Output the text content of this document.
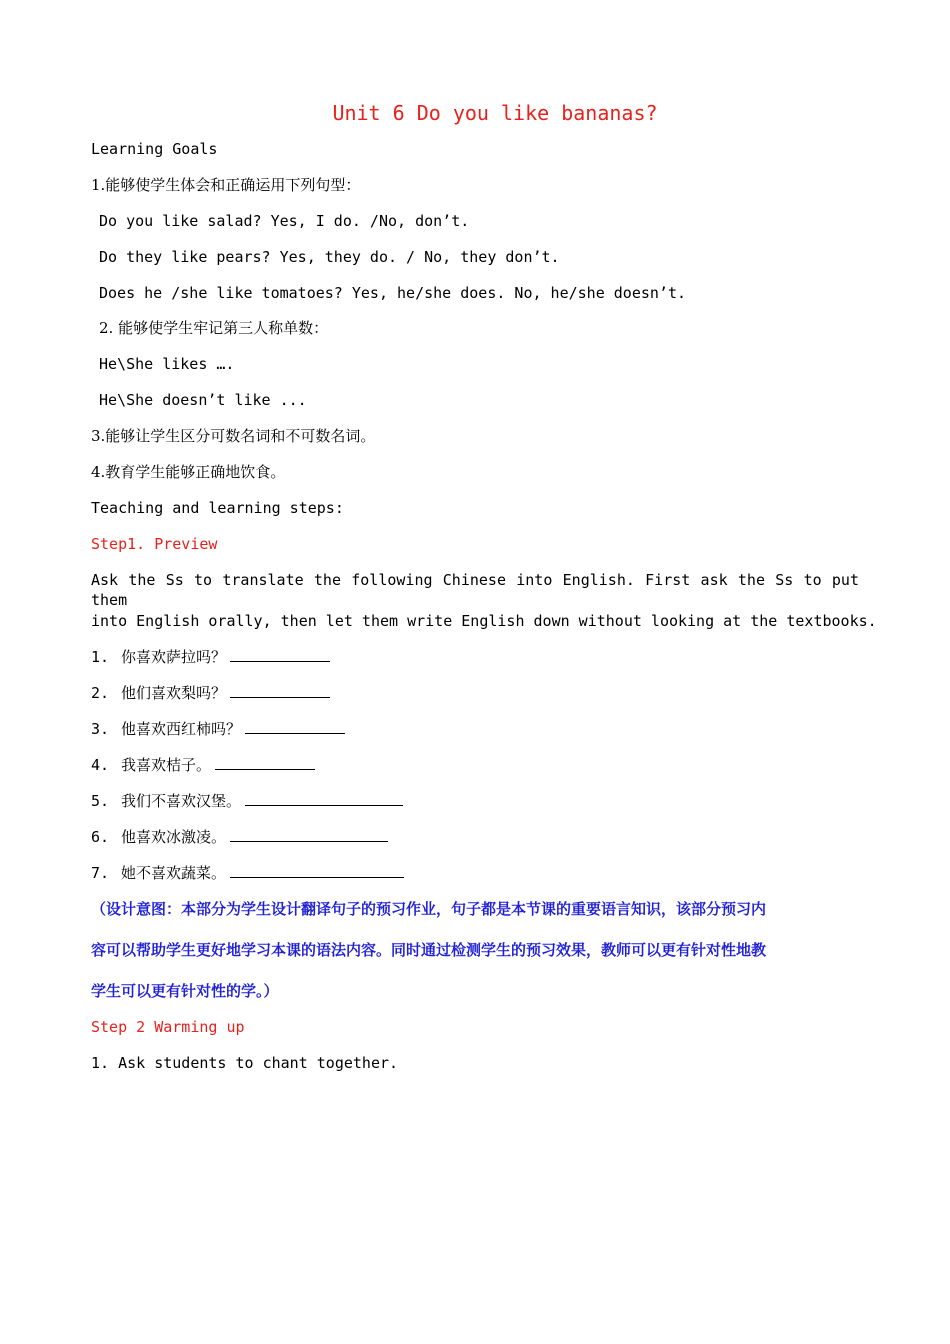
Unit 6 Do you like bananas?
Learning Goals
1.能够使学生体会和正确运用下列句型：
Do you like salad? Yes, I do. /No, don’t.
Do they like pears? Yes, they do. / No, they don’t.
Does he /she like tomatoes? Yes, he/she does. No, he/she doesn’t.
2. 能够使学生牢记第三人称单数：
He\She likes ….
He\She doesn’t like ...
3.能够让学生区分可数名词和不可数名词。
4.教育学生能够正确地饮食。
Teaching and learning steps:
Step1. Preview
Ask the Ss to translate the following Chinese into English. First ask the Ss to put them
into English orally, then let them write English down without looking at the textbooks.
1. 你喜欢萨拉吗？
2. 他们喜欢梨吗？
3. 他喜欢西红柿吗？
4. 我喜欢桔子。
5. 我们不喜欢汉堡。
6. 他喜欢冰激凌。
7. 她不喜欢蔬菜。
（设计意图：本部分为学生设计翻译句子的预习作业，句子都是本节课的重要语言知识，该部分预习内
容可以帮助学生更好地学习本课的语法内容。同时通过检测学生的预习效果，教师可以更有针对性地教
学生可以更有针对性的学。）
Step 2 Warming up
1. Ask students to chant together.
